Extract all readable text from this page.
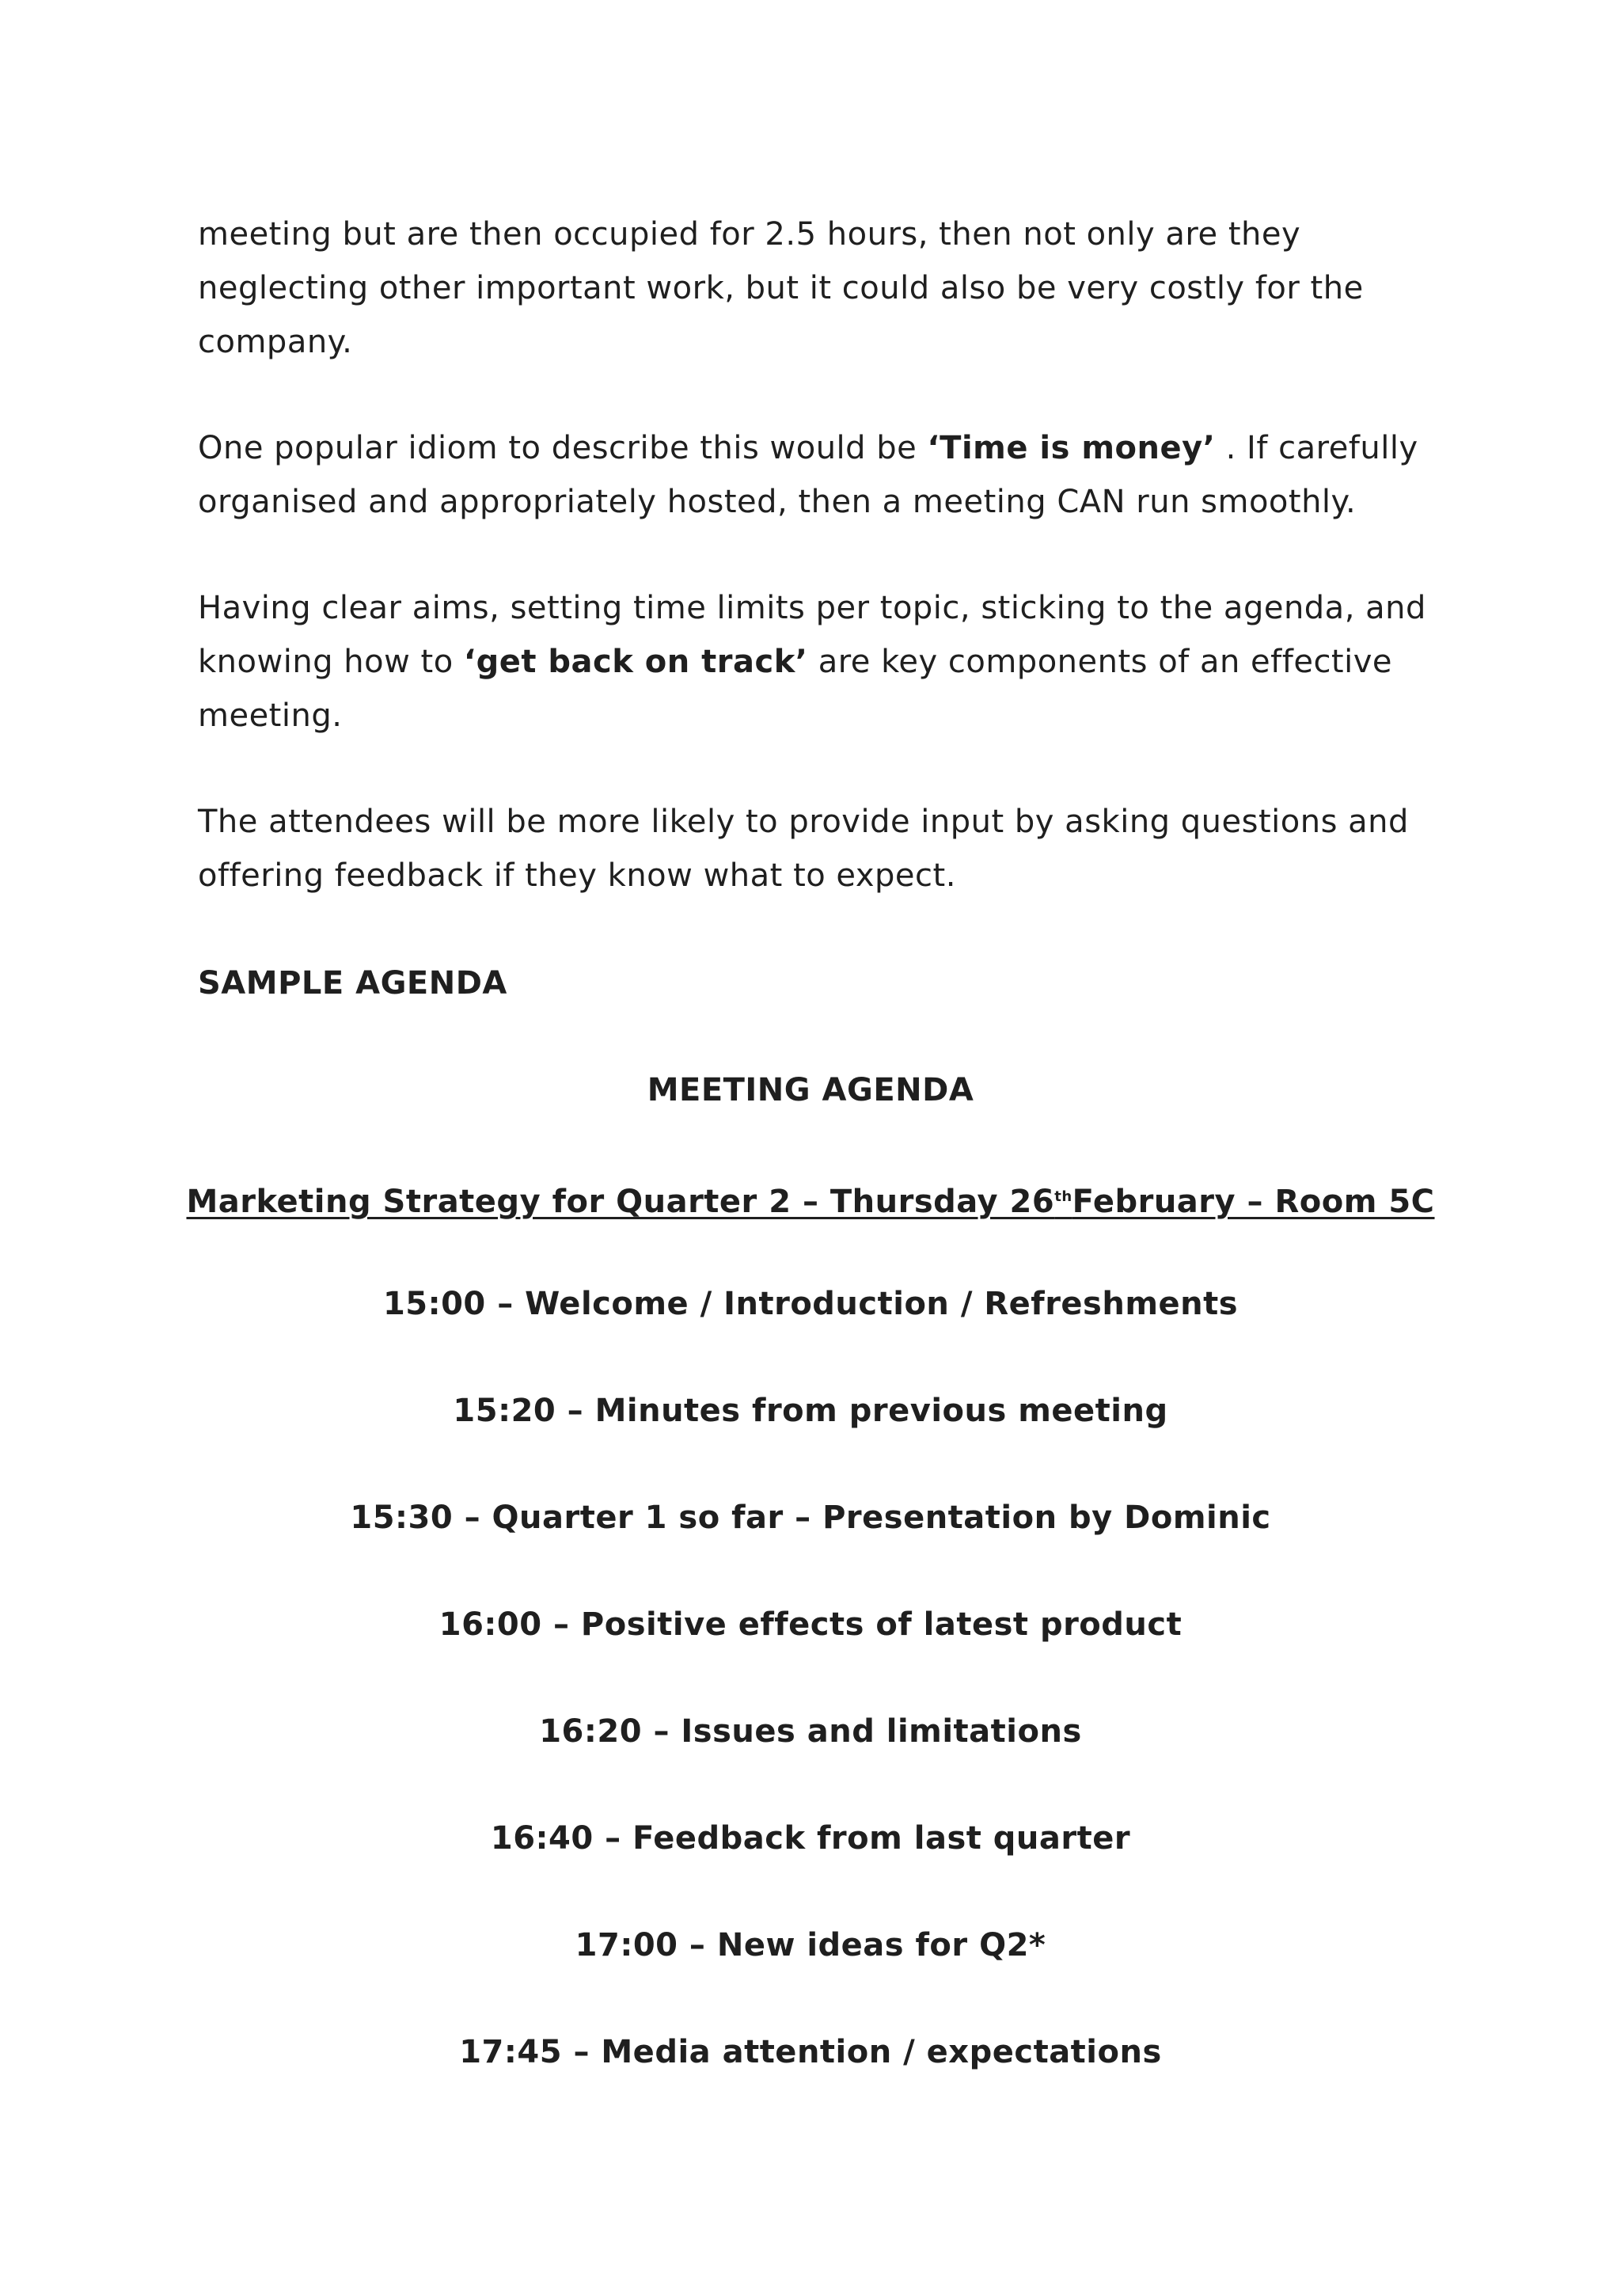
meeting but are then occupied for 2.5 hours, then not only are they
neglecting other important work, but it could also be very costly for the
company.
One popular idiom to describe this would be ‘Time is money’ . If carefully
organised and appropriately hosted, then a meeting CAN run smoothly.
Having clear aims, setting time limits per topic, sticking to the agenda, and
knowing how to ‘get back on track’ are key components of an effective
meeting.
The attendees will be more likely to provide input by asking questions and
offering feedback if they know what to expect.
SAMPLE AGENDA
MEETING AGENDA
Marketing Strategy for Quarter 2 – Thursday 26thFebruary – Room 5C
15:00 – Welcome / Introduction / Refreshments
15:20 – Minutes from previous meeting
15:30 – Quarter 1 so far – Presentation by Dominic
16:00 – Positive effects of latest product
16:20 – Issues and limitations
16:40 – Feedback from last quarter
17:00 – New ideas for Q2*
17:45 – Media attention / expectations
